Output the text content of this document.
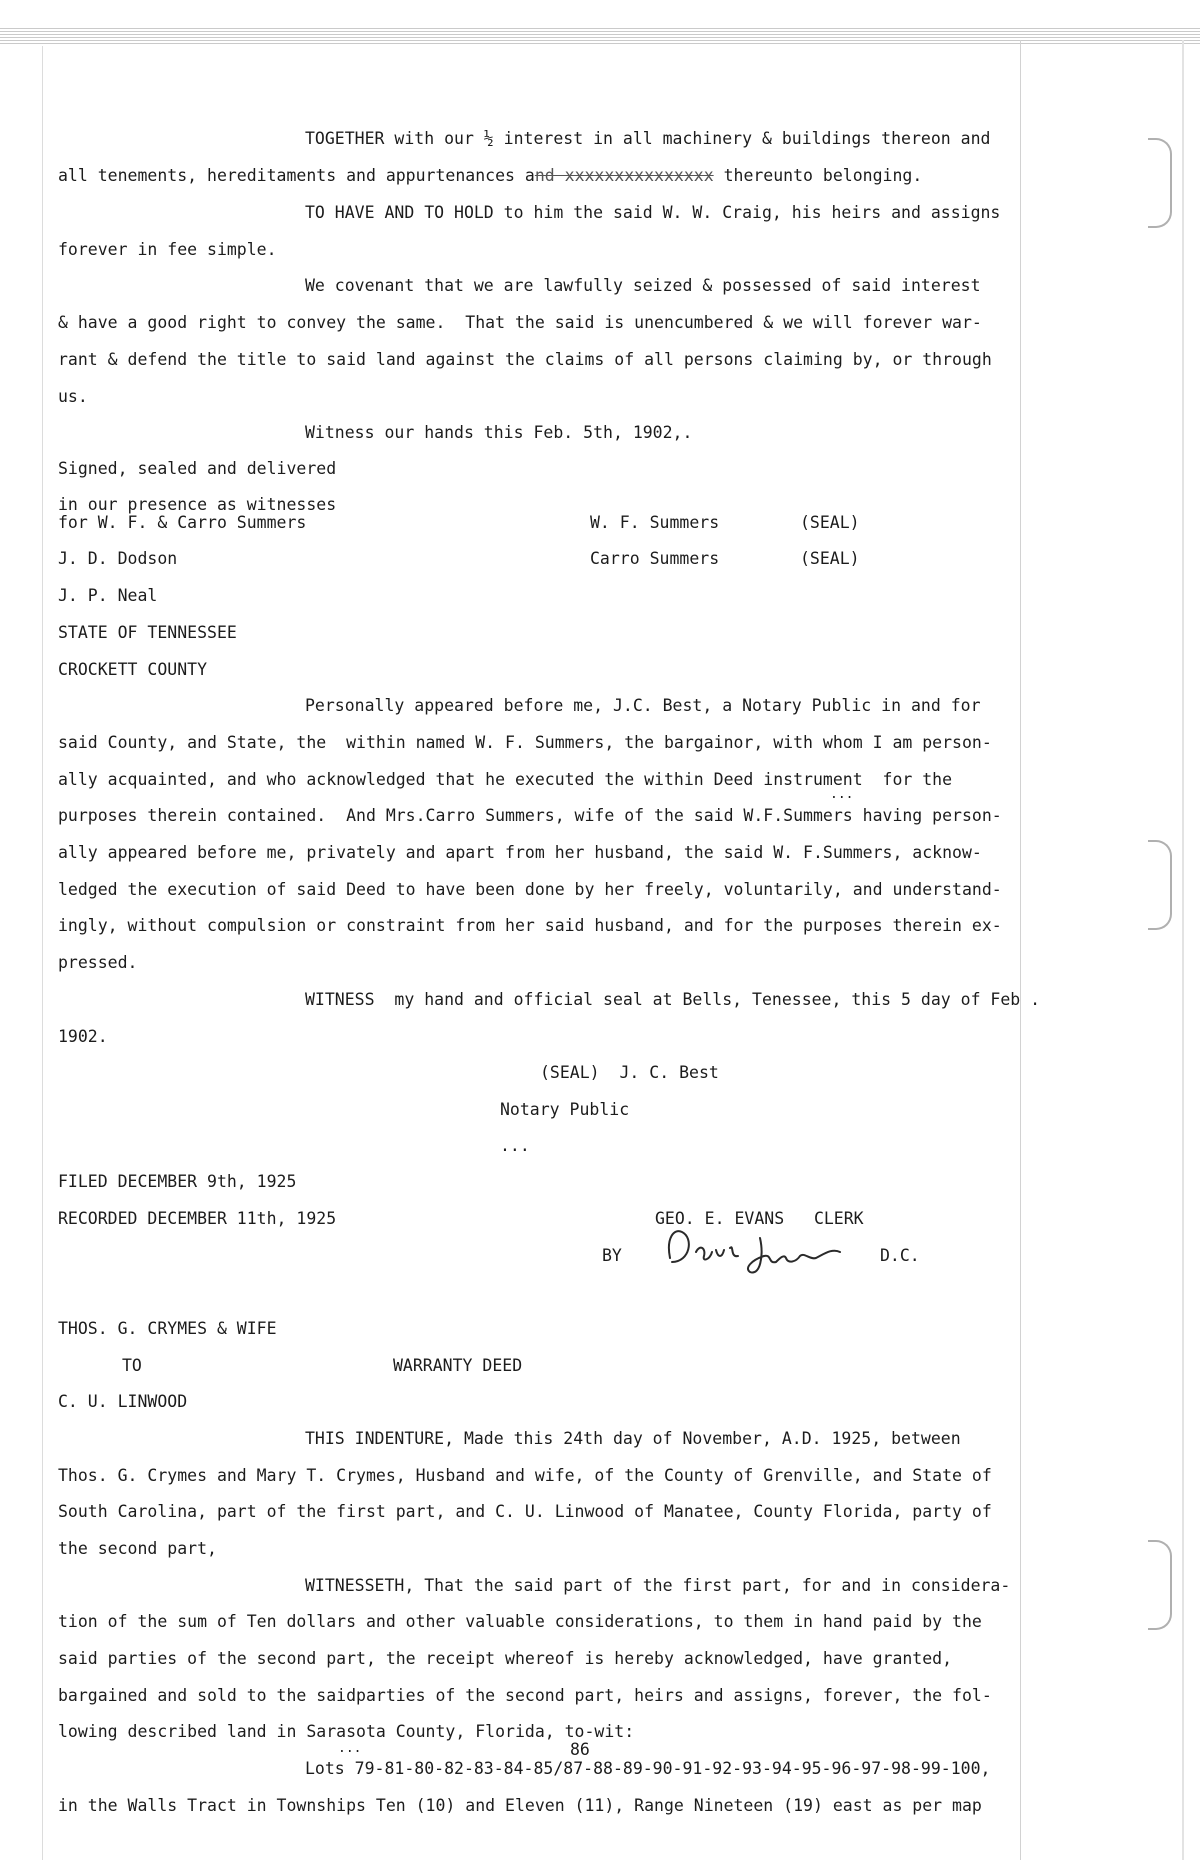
TOGETHER with our ½ interest in all machinery & buildings thereon and
all tenements, hereditaments and appurtenances and xxxxxxxxxxxxxxx thereunto belonging.
TO HAVE AND TO HOLD to him the said W. W. Craig, his heirs and assigns
forever in fee simple.
We covenant that we are lawfully seized & possessed of said interest
& have a good right to convey the same.  That the said is unencumbered & we will forever war-
rant & defend the title to said land against the claims of all persons claiming by, or through
us.
Witness our hands this Feb. 5th, 1902,.
Signed, sealed and delivered
in our presence as witnesses
for W. F. & Carro Summers	W. F. Summers	(SEAL)
J. D. Dodson	Carro Summers	(SEAL)
J. P. Neal
STATE OF TENNESSEE
CROCKETT COUNTY
Personally appeared before me, J.C. Best, a Notary Public in and for
said County, and State, the  within named W. F. Summers, the bargainor, with whom I am person-
ally acquainted, and who acknowledged that he executed the within Deed instrument  for the
...
purposes therein contained.  And Mrs.Carro Summers, wife of the said W.F.Summers having person-
ally appeared before me, privately and apart from her husband, the said W. F.Summers, acknow-
ledged the execution of said Deed to have been done by her freely, voluntarily, and understand-
ingly, without compulsion or constraint from her said husband, and for the purposes therein ex-
pressed.
WITNESS  my hand and official seal at Bells, Tenessee, this 5 day of Feb .
1902.
(SEAL)  J. C. Best
Notary Public
...
FILED DECEMBER 9th, 1925
RECORDED DECEMBER 11th, 1925	GEO. E. EVANS   CLERK
BY	D.C.
THOS. G. CRYMES & WIFE
TO	WARRANTY DEED
C. U. LINWOOD
THIS INDENTURE, Made this 24th day of November, A.D. 1925, between
Thos. G. Crymes and Mary T. Crymes, Husband and wife, of the County of Grenville, and State of
South Carolina, part of the first part, and C. U. Linwood of Manatee, County Florida, party of
the second part,
WITNESSETH, That the said part of the first part, for and in considera-
tion of the sum of Ten dollars and other valuable considerations, to them in hand paid by the
said parties of the second part, the receipt whereof is hereby acknowledged, have granted,
bargained and sold to the saidparties of the second part, heirs and assigns, forever, the fol-
lowing described land in Sarasota County, Florida, to-wit:
...	86
Lots 79-81-80-82-83-84-85/87-88-89-90-91-92-93-94-95-96-97-98-99-100,
in the Walls Tract in Townships Ten (10) and Eleven (11), Range Nineteen (19) east as per map
